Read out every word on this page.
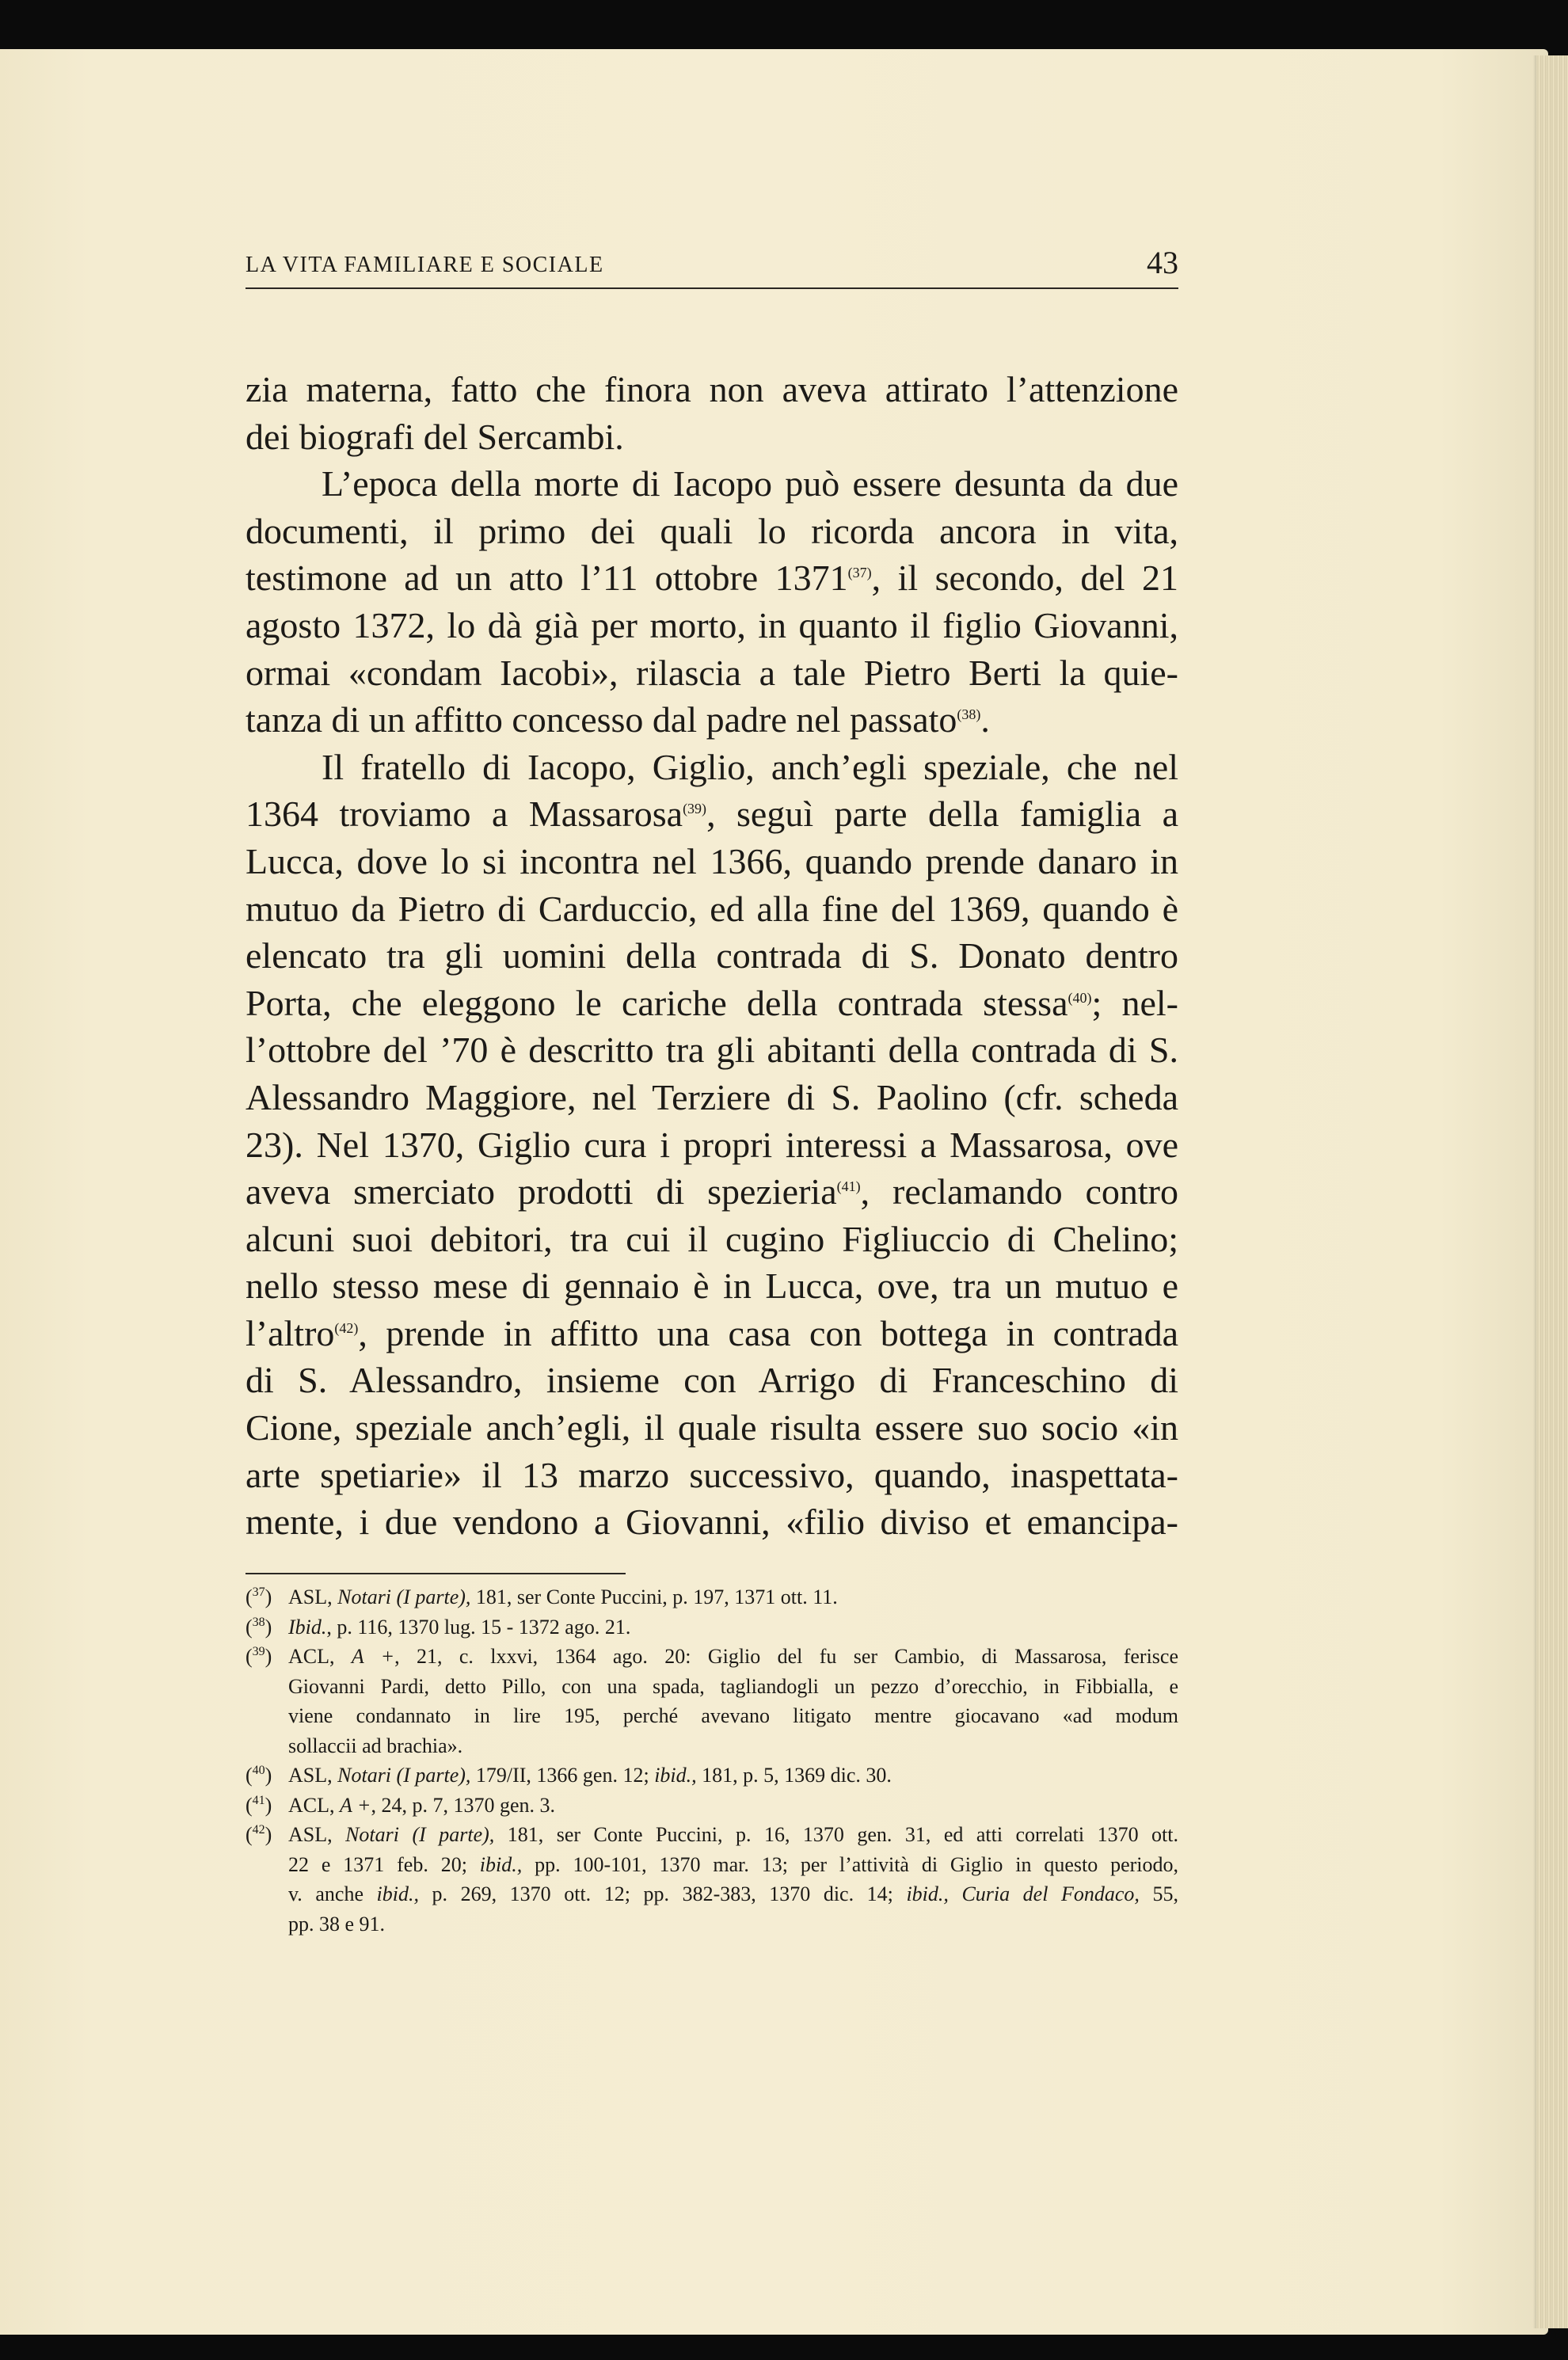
LA VITA FAMILIARE E SOCIALE	43
zia materna, fatto che finora non aveva attirato l’attenzione
dei biografi del Sercambi.
L’epoca della morte di Iacopo può essere desunta da due
documenti, il primo dei quali lo ricorda ancora in vita,
testimone ad un atto l’11 ottobre 1371$^{(37)}$, il secondo, del 21
agosto 1372, lo dà già per morto, in quanto il figlio Giovanni,
ormai «condam Iacobi», rilascia a tale Pietro Berti la quie-
tanza di un affitto concesso dal padre nel passato$^{(38)}$.
Il fratello di Iacopo, Giglio, anch’egli speziale, che nel
1364 troviamo a Massarosa$^{(39)}$, seguì parte della famiglia a
Lucca, dove lo si incontra nel 1366, quando prende danaro in
mutuo da Pietro di Carduccio, ed alla fine del 1369, quando è
elencato tra gli uomini della contrada di S. Donato dentro
Porta, che eleggono le cariche della contrada stessa$^{(40)}$; nel-
l’ottobre del ’70 è descritto tra gli abitanti della contrada di S.
Alessandro Maggiore, nel Terziere di S. Paolino (cfr. scheda
23). Nel 1370, Giglio cura i propri interessi a Massarosa, ove
aveva smerciato prodotti di spezieria$^{(41)}$, reclamando contro
alcuni suoi debitori, tra cui il cugino Figliuccio di Chelino;
nello stesso mese di gennaio è in Lucca, ove, tra un mutuo e
l’altro$^{(42)}$, prende in affitto una casa con bottega in contrada
di S. Alessandro, insieme con Arrigo di Franceschino di
Cione, speziale anch’egli, il quale risulta essere suo socio «in
arte spetiarie» il 13 marzo successivo, quando, inaspettata-
mente, i due vendono a Giovanni, «filio diviso et emancipa-
($^{37}$) ASL, Notari (I parte), 181, ser Conte Puccini, p. 197, 1371 ott. 11.
($^{38}$) Ibid., p. 116, 1370 lug. 15 - 1372 ago. 21.
($^{39}$) ACL, A +, 21, c. lxxvi, 1364 ago. 20: Giglio del fu ser Cambio, di Massarosa, ferisce
Giovanni Pardi, detto Pillo, con una spada, tagliandogli un pezzo d’orecchio, in Fibbialla, e
viene condannato in lire 195, perché avevano litigato mentre giocavano «ad modum
sollaccii ad brachia».
($^{40}$) ASL, Notari (I parte), 179/II, 1366 gen. 12; ibid., 181, p. 5, 1369 dic. 30.
($^{41}$) ACL, A +, 24, p. 7, 1370 gen. 3.
($^{42}$) ASL, Notari (I parte), 181, ser Conte Puccini, p. 16, 1370 gen. 31, ed atti correlati 1370 ott.
22 e 1371 feb. 20; ibid., pp. 100-101, 1370 mar. 13; per l’attività di Giglio in questo periodo,
v. anche ibid., p. 269, 1370 ott. 12; pp. 382-383, 1370 dic. 14; ibid., Curia del Fondaco, 55,
pp. 38 e 91.
